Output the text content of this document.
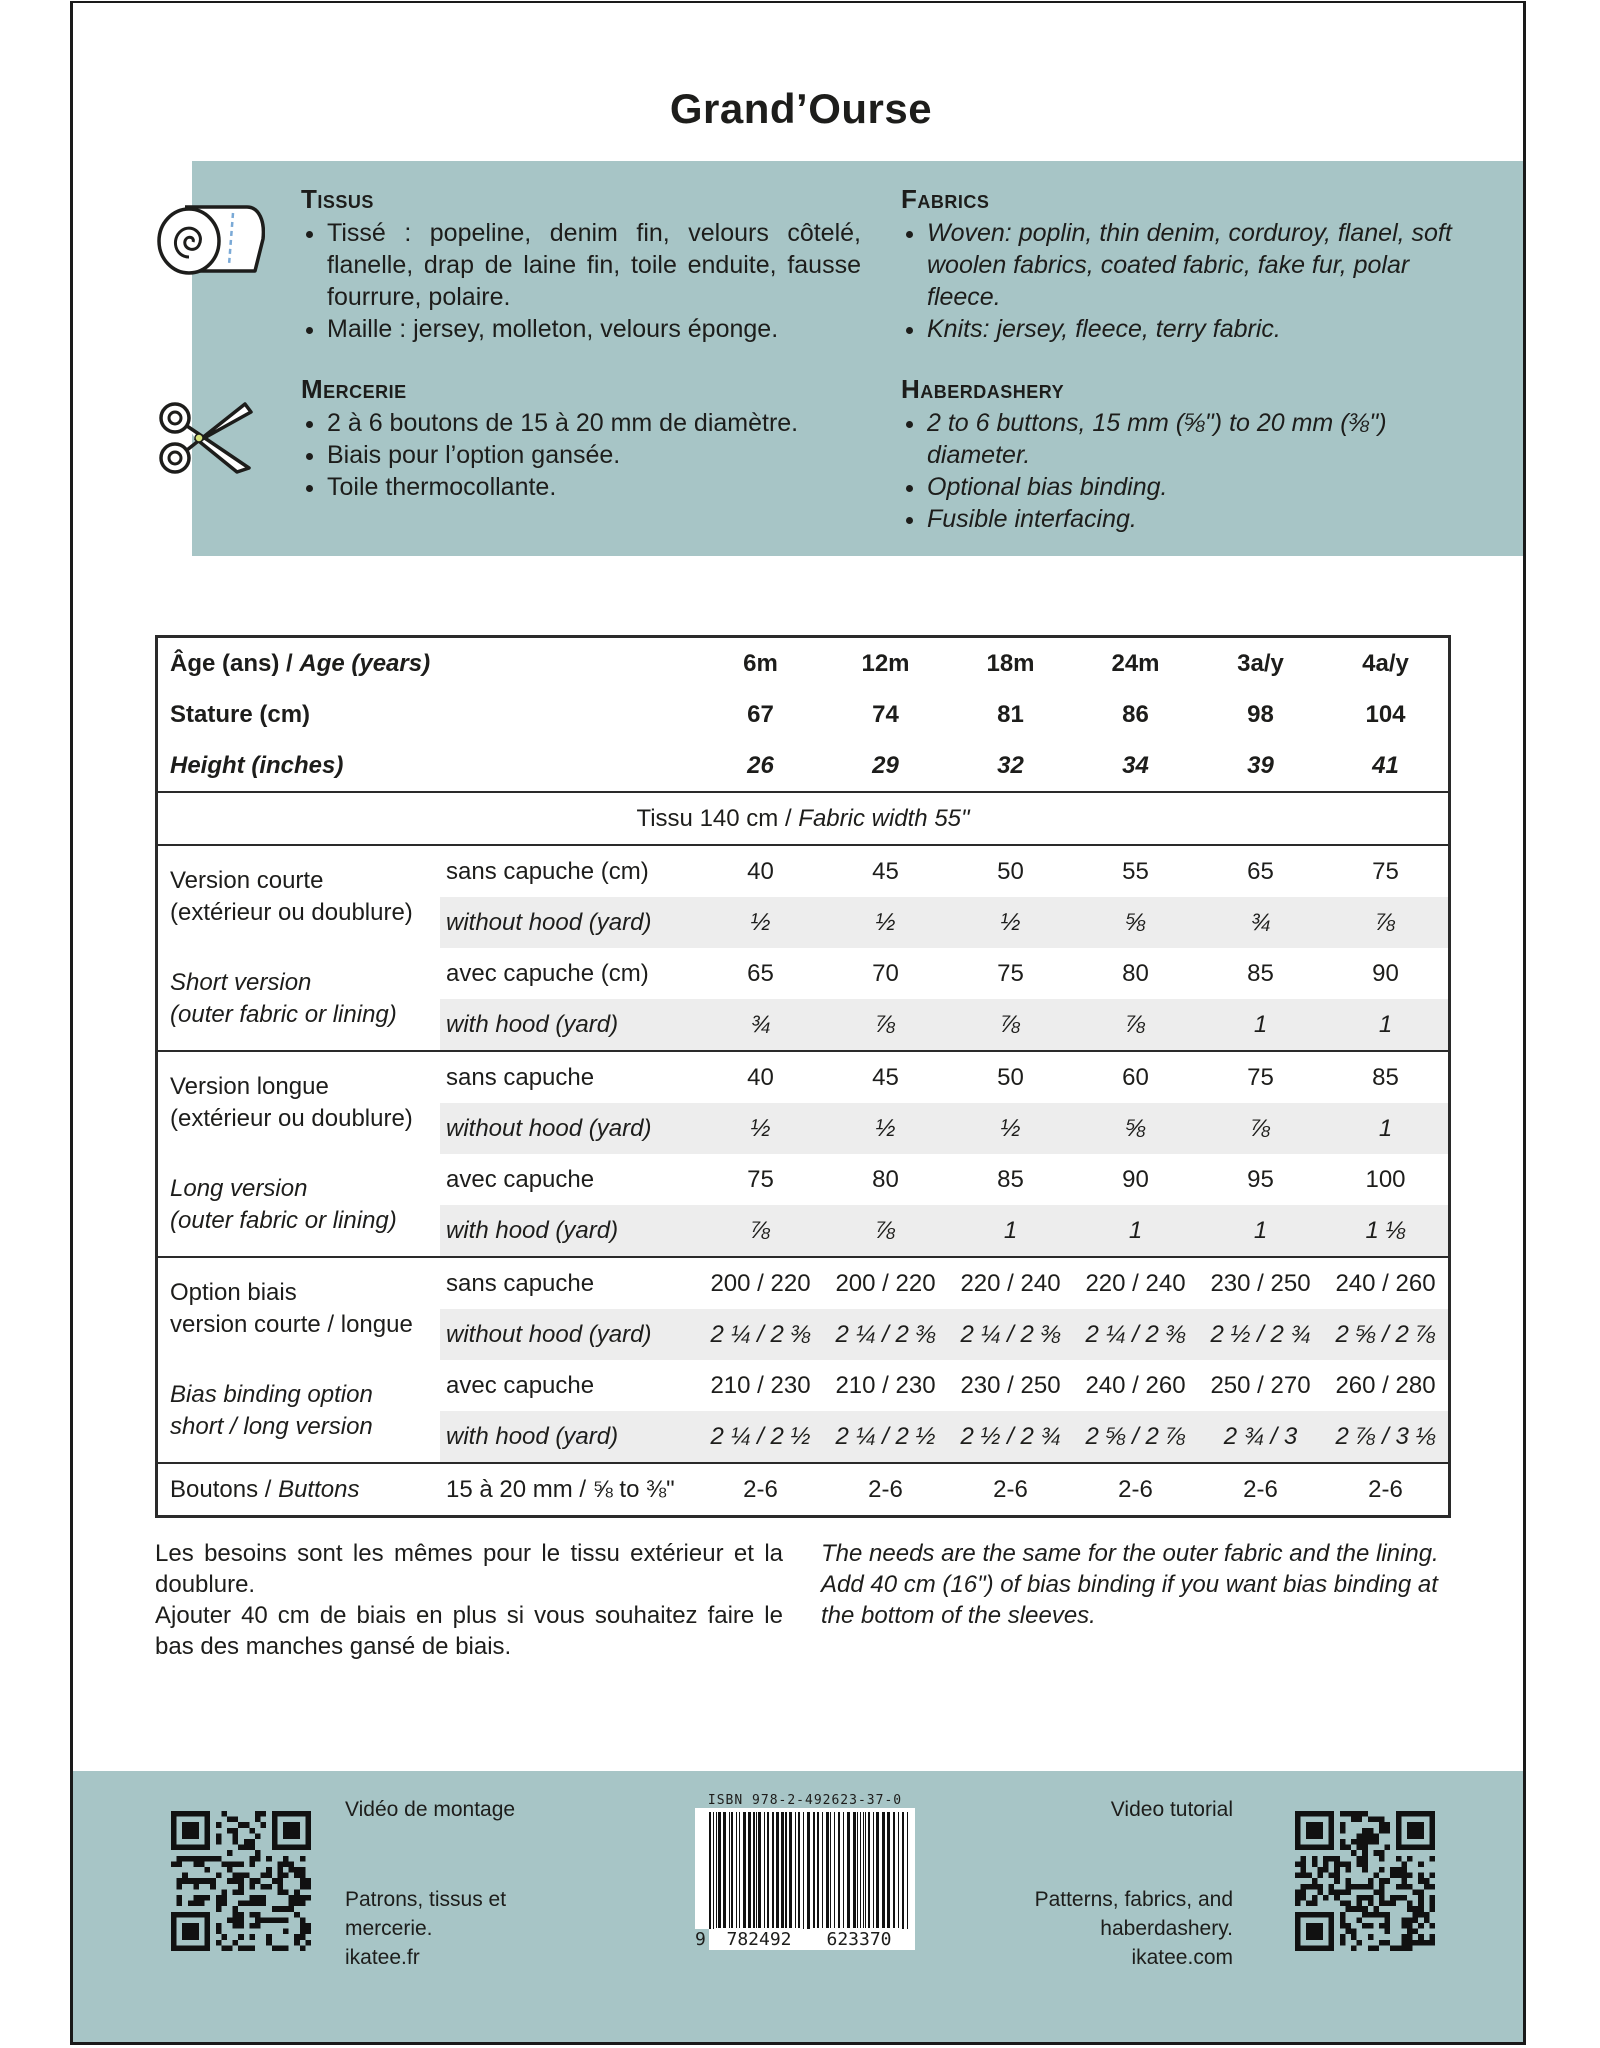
Grand’Ourse
Tissus
• Tissé : popeline, denim fin, velours côtelé, flanelle, drap de laine fin, toile enduite, fausse fourrure, polaire.
• Maille : jersey, molleton, velours éponge.
Fabrics
• Woven: poplin, thin denim, corduroy, flanel, soft woolen fabrics, coated fabric, fake fur, polar fleece.
• Knits: jersey, fleece, terry fabric.
Mercerie
• 2 à 6 boutons de 15 à 20 mm de diamètre.
• Biais pour l’option gansée.
• Toile thermocollante.
Haberdashery
• 2 to 6 buttons, 15 mm (⅝") to 20 mm (⅜") diameter.
• Optional bias binding.
• Fusible interfacing.
Âge (ans) / Age (years)		6m	12m	18m	24m	3a/y	4a/y
Stature (cm)		67	74	81	86	98	104
Height (inches)		26	29	32	34	39	41
Tissu 140 cm / Fabric width 55"							

Version courte
(extérieur ou doublure)	sans capuche (cm)	40	45	50	55	65	75
	without hood (yard)	½	½	½	⅝	¾	⅞

Short version
(outer fabric or lining)	avec capuche (cm)	65	70	75	80	85	90
	with hood (yard)	¾	⅞	⅞	⅞	1	1

Version longue
(extérieur ou doublure)	sans capuche	40	45	50	60	75	85
	without hood (yard)	½	½	½	⅝	⅞	1

Long version
(outer fabric or lining)	avec capuche	75	80	85	90	95	100
	with hood (yard)	⅞	⅞	1	1	1	1 ⅛

Option biais
version courte / longue	sans capuche	200 / 220	200 / 220	220 / 240	220 / 240	230 / 250	240 / 260
	without hood (yard)	2 ¼ / 2 ⅜	2 ¼ / 2 ⅜	2 ¼ / 2 ⅜	2 ¼ / 2 ⅜	2 ½ / 2 ¾	2 ⅝ / 2 ⅞

Bias binding option
short / long version	avec capuche	210 / 230	210 / 230	230 / 250	240 / 260	250 / 270	260 / 280
	with hood (yard)	2 ¼ / 2 ½	2 ¼ / 2 ½	2 ½ / 2 ¾	2 ⅝ / 2 ⅞	2 ¾ / 3	2 ⅞ / 3 ⅛
Boutons / Buttons	15 à 20 mm / ⅝ to ⅜"	2-6	2-6	2-6	2-6	2-6	2-6
Les besoins sont les mêmes pour le tissu extérieur et la doublure.
Ajouter 40 cm de biais en plus si vous souhaitez faire le bas des manches gansé de biais.
The needs are the same for the outer fabric and the lining. Add 40 cm (16") of bias binding if you want bias binding at the bottom of the sleeves.
Vidéo de montage
Patrons, tissus et
mercerie.
ikatee.fr
Video tutorial
Patterns, fabrics, and
haberdashery.
ikatee.com
ISBN 978-2-492623-37-0
9	782492	623370
